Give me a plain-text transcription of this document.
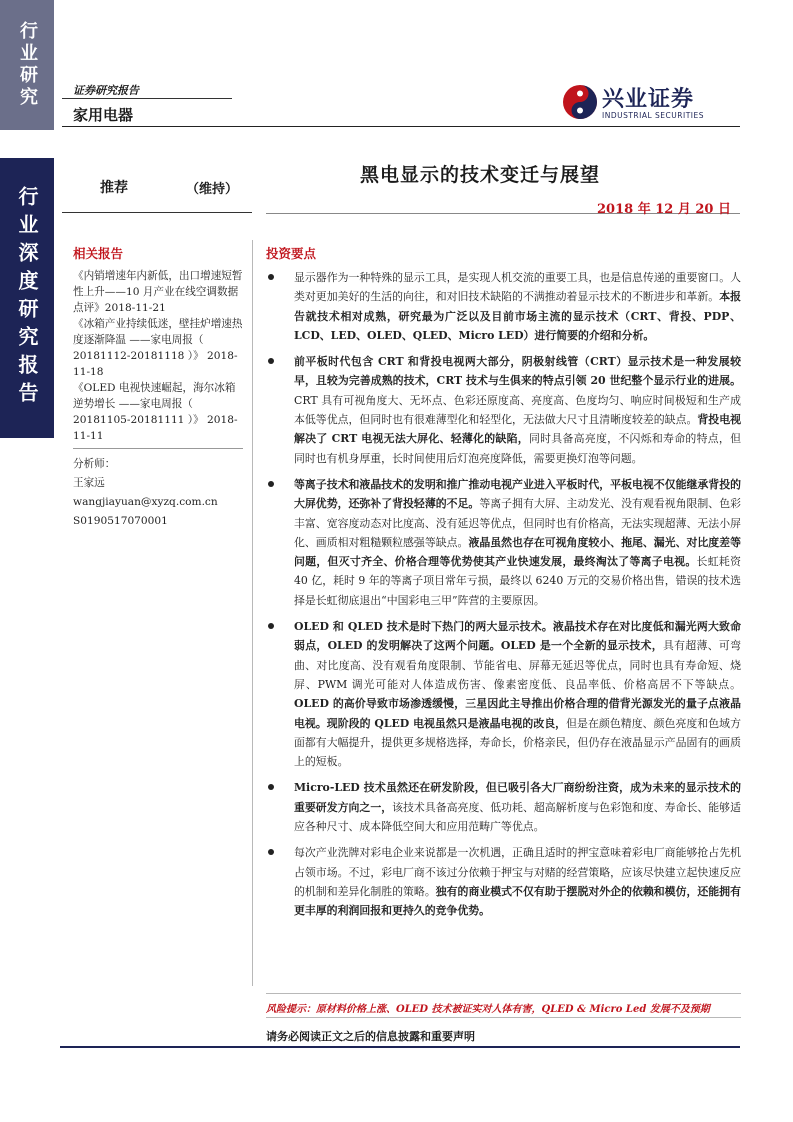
行业研究
行业深度研究报告
证券研究报告
家用电器
兴业证券
INDUSTRIAL SECURITIES
推荐	（维持）
黑电显示的技术变迁与展望
2018 年 12 月 20 日
相关报告
《内销增速年内新低，出口增速短暂性上升——10 月产业在线空调数据点评》2018-11-21
《冰箱产业持续低迷，壁挂炉增速热度逐渐降温 ——家电周报（ 20181112-20181118 ）》 2018-11-18
《OLED 电视快速崛起，海尔冰箱逆势增长 ——家电周报（ 20181105-20181111 ）》 2018-11-11
分析师：
王家远
wangjiayuan@xyzq.com.cn
S0190517070001
投资要点
显示器作为一种特殊的显示工具，是实现人机交流的重要工具，也是信息传递的重要窗口。人类对更加美好的生活的向往，和对旧技术缺陷的不满推动着显示技术的不断进步和革新。本报告就技术相对成熟，研究最为广泛以及目前市场主流的显示技术（CRT、背投、PDP、LCD、LED、OLED、QLED、Micro LED）进行简要的介绍和分析。
前平板时代包含 CRT 和背投电视两大部分，阴极射线管（CRT）显示技术是一种发展较早，且较为完善成熟的技术，CRT 技术与生俱来的特点引领 20 世纪整个显示行业的进展。CRT 具有可视角度大、无坏点、色彩还原度高、亮度高、色度均匀、响应时间极短和生产成本低等优点，但同时也有很难薄型化和轻型化，无法做大尺寸且清晰度较差的缺点。背投电视解决了 CRT 电视无法大屏化、轻薄化的缺陷，同时具备高亮度，不闪烁和寿命的特点，但同时也有机身厚重，长时间使用后灯泡亮度降低，需要更换灯泡等问题。
等离子技术和液晶技术的发明和推广推动电视产业进入平板时代，平板电视不仅能继承背投的大屏优势，还弥补了背投轻薄的不足。等离子拥有大屏、主动发光、没有观看视角限制、色彩丰富、宽容度动态对比度高、没有延迟等优点，但同时也有价格高，无法实现超薄、无法小屏化、画质相对粗糙颗粒感强等缺点。液晶虽然也存在可视角度较小、拖尾、漏光、对比度差等问题，但灭寸齐全、价格合理等优势使其产业快速发展，最终淘汰了等离子电视。长虹耗资 40 亿，耗时 9 年的等离子项目常年亏损，最终以 6240 万元的交易价格出售，错误的技术选择是长虹彻底退出“中国彩电三甲”阵营的主要原因。
OLED 和 QLED 技术是时下热门的两大显示技术。液晶技术存在对比度低和漏光两大致命弱点，OLED 的发明解决了这两个问题。OLED 是一个全新的显示技术，具有超薄、可弯曲、对比度高、没有观看角度限制、节能省电、屏幕无延迟等优点，同时也具有寿命短、烧屏、PWM 调光可能对人体造成伤害、像素密度低、良品率低、价格高居不下等缺点。OLED 的高价导致市场渗透缓慢，三星因此主导推出价格合理的借背光源发光的量子点液晶电视。现阶段的 QLED 电视虽然只是液晶电视的改良，但是在颜色精度、颜色亮度和色域方面都有大幅提升，提供更多规格选择，寿命长，价格亲民，但仍存在液晶显示产品固有的画质上的短板。
Micro-LED 技术虽然还在研发阶段，但已吸引各大厂商纷纷注资，成为未来的显示技术的重要研发方向之一，该技术具备高亮度、低功耗、超高解析度与色彩饱和度、寿命长、能够适应各种尺寸、成本降低空间大和应用范畴广等优点。
每次产业洗牌对彩电企业来说都是一次机遇，正确且适时的押宝意味着彩电厂商能够抢占先机占领市场。不过，彩电厂商不该过分依赖于押宝与对赌的经营策略，应该尽快建立起快速反应的机制和差异化制胜的策略。独有的商业模式不仅有助于摆脱对外企的依赖和模仿，还能拥有更丰厚的利润回报和更持久的竞争优势。
风险提示：原材料价格上涨、OLED 技术被证实对人体有害，QLED & Micro Led 发展不及预期
请务必阅读正文之后的信息披露和重要声明
